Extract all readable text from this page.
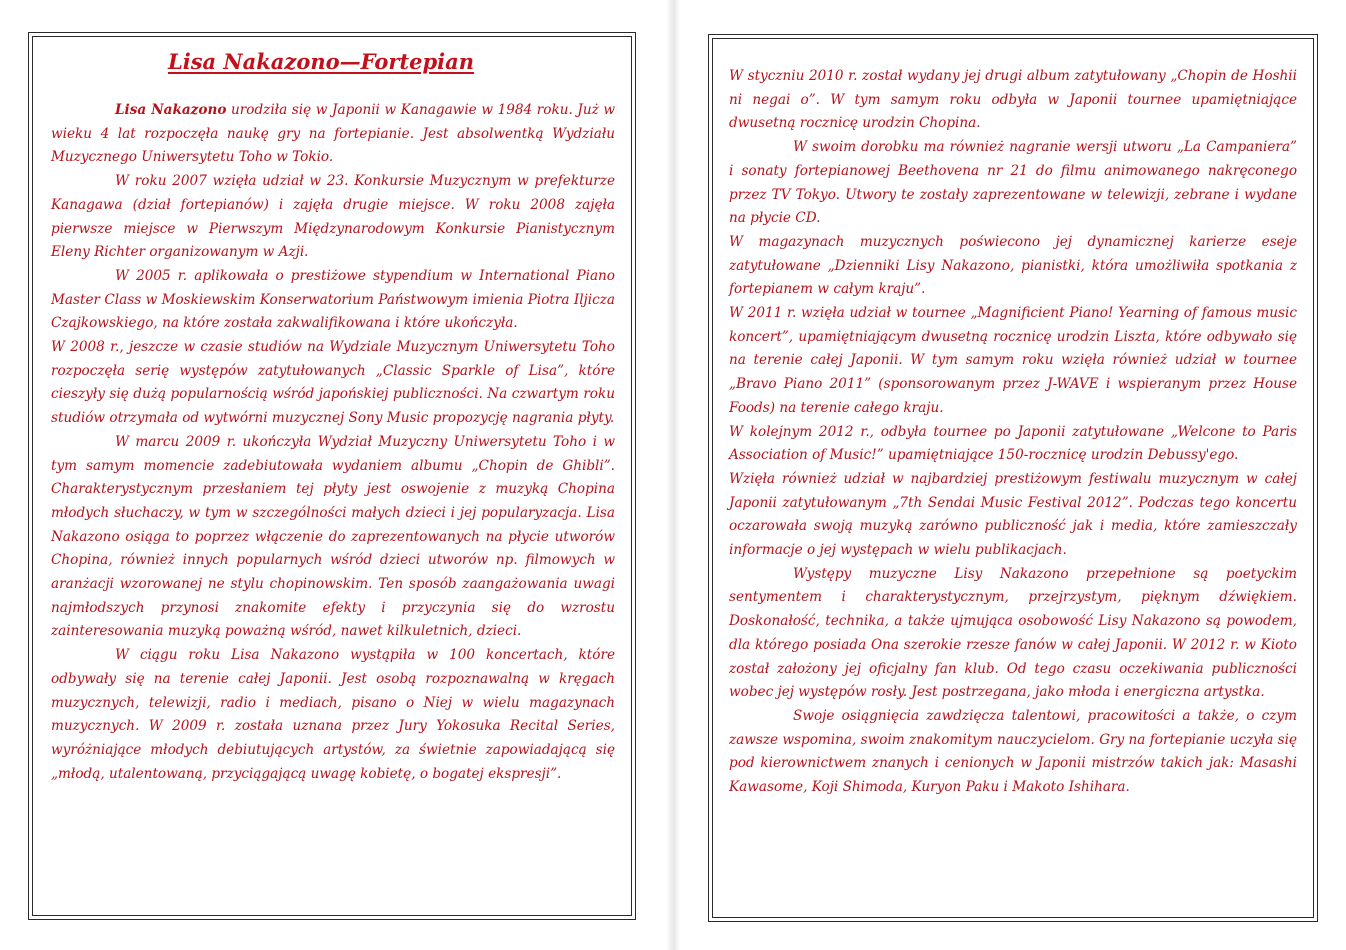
Lisa Nakazono—Fortepian

Lisa Nakazono urodziła się w Japonii w Kanagawie w 1984 roku. Już w wieku 4 lat rozpoczęła naukę gry na fortepianie. Jest absolwentką Wydziału Muzycznego Uniwersytetu Toho w Tokio.

W roku 2007 wzięła udział w 23. Konkursie Muzycznym w prefekturze Kanagawa (dział fortepianów) i zajęła drugie miejsce. W roku 2008 zajęła pierwsze miejsce w Pierwszym Międzynarodowym Konkursie Pianistycznym Eleny Richter organizowanym w Azji.

W 2005 r. aplikowała o prestiżowe stypendium w International Piano Master Class w Moskiewskim Konserwatorium Państwowym imienia Piotra Iljicza Czajkowskiego, na które została zakwalifikowana i które ukończyła.

W 2008 r., jeszcze w czasie studiów na Wydziale Muzycznym Uniwersytetu Toho rozpoczęła serię występów zatytułowanych „Classic Sparkle of Lisa”, które cieszyły się dużą popularnością wśród japońskiej publiczności. Na czwartym roku studiów otrzymała od wytwórni muzycznej Sony Music propozycję nagrania płyty.

W marcu 2009 r. ukończyła Wydział Muzyczny Uniwersytetu Toho i w tym samym momencie zadebiutowała wydaniem albumu „Chopin de Ghibli”. Charakterystycznym przesłaniem tej płyty jest oswojenie z muzyką Chopina młodych słuchaczy, w tym w szczególności małych dzieci i jej popularyzacja. Lisa Nakazono osiąga to poprzez włączenie do zaprezentowanych na płycie utworów Chopina, również innych popularnych wśród dzieci utworów np. filmowych w aranżacji wzorowanej ne stylu chopinowskim. Ten sposób zaangażowania uwagi najmłodszych przynosi znakomite efekty i przyczynia się do wzrostu zainteresowania muzyką poważną wśród, nawet kilkuletnich, dzieci.

W ciągu roku Lisa Nakazono wystąpiła w 100 koncertach, które odbywały się na terenie całej Japonii. Jest osobą rozpoznawalną w kręgach muzycznych, telewizji, radio i mediach, pisano o Niej w wielu magazynach muzycznych. W 2009 r. została uznana przez Jury Yokosuka Recital Series, wyróżniające młodych debiutujących artystów, za świetnie zapowiadającą się „młodą, utalentowaną, przyciągającą uwagę kobietę, o bogatej ekspresji”.

W styczniu 2010 r. został wydany jej drugi album zatytułowany „Chopin de Hoshii ni negai o”. W tym samym roku odbyła w Japonii tournee upamiętniające dwusetną rocznicę urodzin Chopina.

W swoim dorobku ma również nagranie wersji utworu „La Campaniera” i sonaty fortepianowej Beethovena nr 21 do filmu animowanego nakręconego przez TV Tokyo. Utwory te zostały zaprezentowane w telewizji, zebrane i wydane na płycie CD.

W magazynach muzycznych poświecono jej dynamicznej karierze eseje zatytułowane „Dzienniki Lisy Nakazono, pianistki, która umożliwiła spotkania z fortepianem w całym kraju”.

W 2011 r. wzięła udział w tournee „Magnificient Piano! Yearning of famous music koncert”, upamiętniającym dwusetną rocznicę urodzin Liszta, które odbywało się na terenie całej Japonii. W tym samym roku wzięła również udział w tournee „Bravo Piano 2011” (sponsorowanym przez J-WAVE i wspieranym przez House Foods) na terenie całego kraju.

W kolejnym 2012 r., odbyła tournee po Japonii zatytułowane „Welcone to Paris Association of Music!” upamiętniające 150-rocznicę urodzin Debussy'ego.

Wzięła również udział w najbardziej prestiżowym festiwalu muzycznym w całej Japonii zatytułowanym „7th Sendai Music Festival 2012”. Podczas tego koncertu oczarowała swoją muzyką zarówno publiczność jak i media, które zamieszczały informacje o jej występach w wielu publikacjach.

Występy muzyczne Lisy Nakazono przepełnione są poetyckim sentymentem i charakterystycznym, przejrzystym, pięknym dźwiękiem. Doskonałość, technika, a także ujmująca osobowość Lisy Nakazono są powodem, dla którego posiada Ona szerokie rzesze fanów w całej Japonii. W 2012 r. w Kioto został założony jej oficjalny fan klub. Od tego czasu oczekiwania publiczności wobec jej występów rosły. Jest postrzegana, jako młoda i energiczna artystka.

Swoje osiągnięcia zawdzięcza talentowi, pracowitości a także, o czym zawsze wspomina, swoim znakomitym nauczycielom. Gry na fortepianie uczyła się pod kierownictwem znanych i cenionych w Japonii mistrzów takich jak: Masashi Kawasome, Koji Shimoda, Kuryon Paku i Makoto Ishihara.
